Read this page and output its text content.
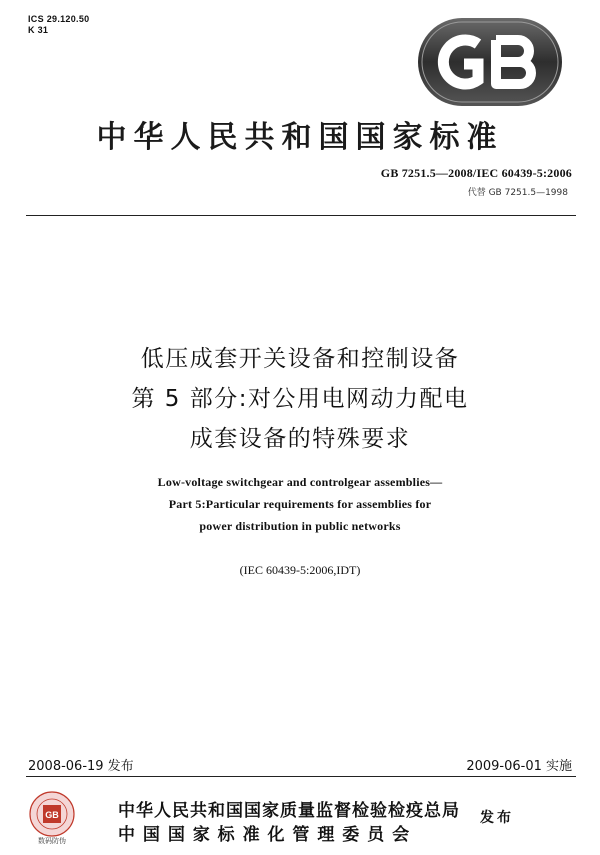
ICS 29.120.50
K 31
中华人民共和国国家标准
GB 7251.5—2008/IEC 60439-5:2006
代替 GB 7251.5—1998
低压成套开关设备和控制设备
第 5 部分:对公用电网动力配电
成套设备的特殊要求
Low-voltage switchgear and controlgear assemblies—
Part 5:Particular requirements for assemblies for
power distribution in public networks
(IEC 60439-5:2006,IDT)
2008-06-19 发布	2009-06-01 实施
GB
数码防伪
中华人民共和国国家质量监督检验检疫总局
中 国 国 家 标 准 化 管 理 委 员 会
发布
